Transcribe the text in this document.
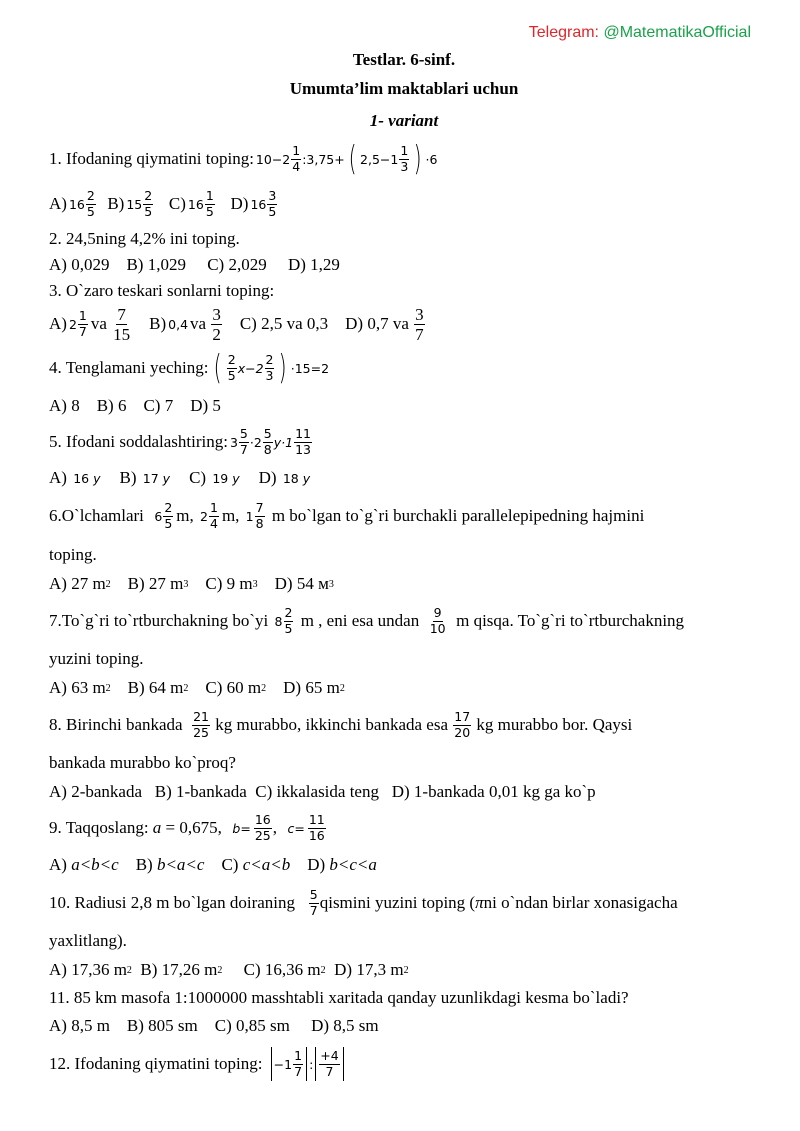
Telegram: @MatematikaOfficial
Testlar. 6-sinf.
Umumta’lim maktablari uchun
1- variant
1. Ifodaning qiymatini toping: $10-2 \frac{1}{4}$ :3,75+ ( $2,5-1 \frac{1}{3}$ ) ·6
A) $16 \frac{2}{5}$
B) $15 \frac{2}{5}$
C) $16 \frac{1}{5}$
D) $16 \frac{3}{5}$
2. 24,5ning 4,2% ini toping.
A) 0,029    B) 1,029     C) 2,029     D) 1,29
3. O`zaro teskari sonlarni toping:
A) $2 \frac{1}{7}$ va
$\frac{7}{15}$
B) 0,4 va
$\frac{3}{2}$
C) 2,5 va 0,3
D) 0,7 va
$\frac{3}{7}$
4. Tenglamani yeching: ( $\frac{2}{5} x-2 \frac{2}{3}$ ) ·15=2
A) 8    B) 6    C) 7    D) 5
5. Ifodani soddalashtiring: $3 \frac{5}{7} \cdot 2 \frac{5}{8} y\cdot 1 \frac{11}{13}$
A)
16 y
B)
17 y
C)
19 y
D)
18 y
6.O`lchamlari
$6 \frac{2}{5} m$,
$2 \frac{1}{4} m$,
$1 \frac{7}{8}$
m bo`lgan to`g`ri burchakli parallelepipedning hajmini
toping.
A) 27 m 2
B) 27 m 3
C) 9 m 3
D) 54 м 3
7.To`g`ri to`rtburchakning bo`yi
$8 \frac{2}{5}$
m , eni esa undan
$\frac{9}{10}$
m qisqa. To`g`ri to`rtburchakning
yuzini toping.
A) 63 m 2
B) 64 m 2
C) 60 m 2
D) 65 m 2
8. Birinchi bankada
$\frac{21}{25}$
kg murabbo, ikkinchi bankada esa
$\frac{17}{20}$
kg murabbo bor. Qaysi
bankada murabbo ko`proq?
A) 2-bankada   B) 1-bankada  C) ikkalasida teng   D) 1-bankada 0,01 kg ga ko`p
9. Taqqoslang:
a
= 0,675,
$b= \frac{16}{25}$ ,
$c= \frac{11}{16}$
A)
a<b<c
B)
b<a<c
C)
c<a<b
D)
b<c<a
10. Radiusi 2,8 m bo`lgan doiraning
$\frac{5}{7}$ qismini yuzini toping ( π ni o`ndan birlar xonasigacha
yaxlitlang).
A) 17,36 m 2
B) 17,26 m 2
C) 16,36 m 2
D) 17,3 m 2
11. 85 km masofa 1:1000000 masshtabli xaritada qanday uzunlikdagi kesma bo`ladi?
A) 8,5 m    B) 805 sm    C) 0,85 sm     D) 8,5 sm
12. Ifodaning qiymatini toping:
$-1 \frac{1}{7}$ : $\frac{+4}{7}$
